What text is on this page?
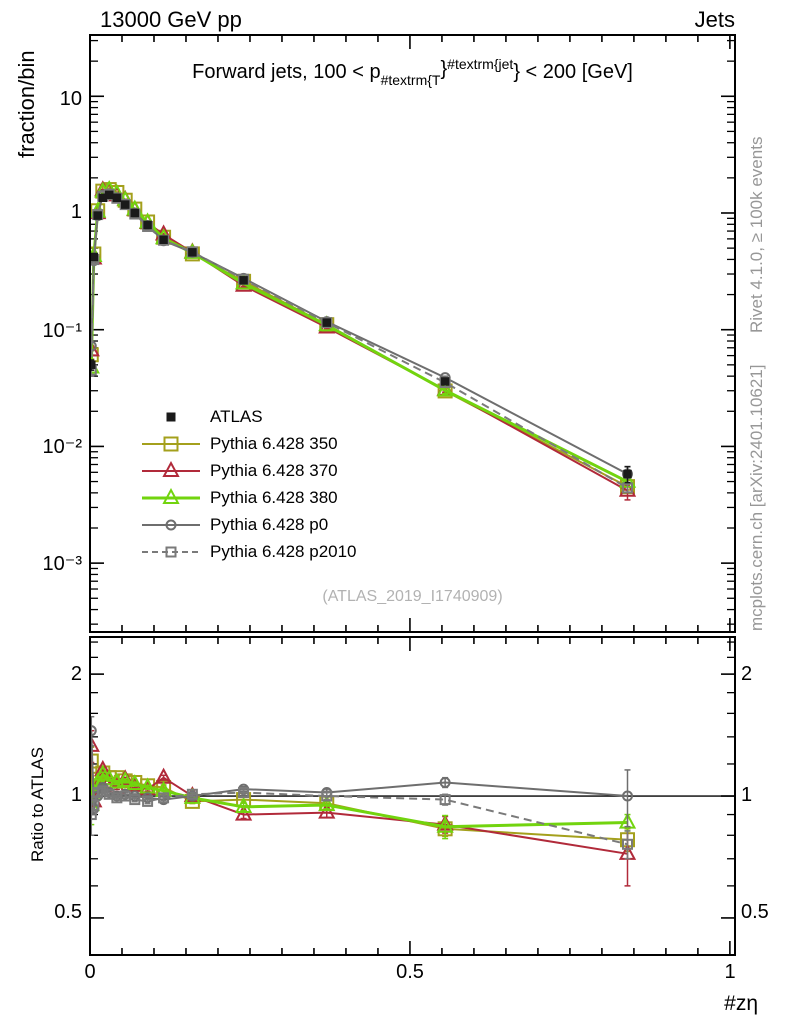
13000 GeV pp	Jets
fraction/bin
Rivet 4.1.0, ≥ 100k events
mcplots.cern.ch [arXiv:2401.10621]
Forward jets, $100 < p_{\#textrm\{T}\}^{\#textrm\{jet}\} < 200$ [GeV]
(ATLAS_2019_I1740909)
10
1
10⁻¹
10⁻²
10⁻³
2
1
0.5
2
1
0.5
Ratio to ATLAS
0	0.5	1
#zη
ATLAS
Pythia 6.428 350
Pythia 6.428 370
Pythia 6.428 380
Pythia 6.428 p0
Pythia 6.428 p2010
